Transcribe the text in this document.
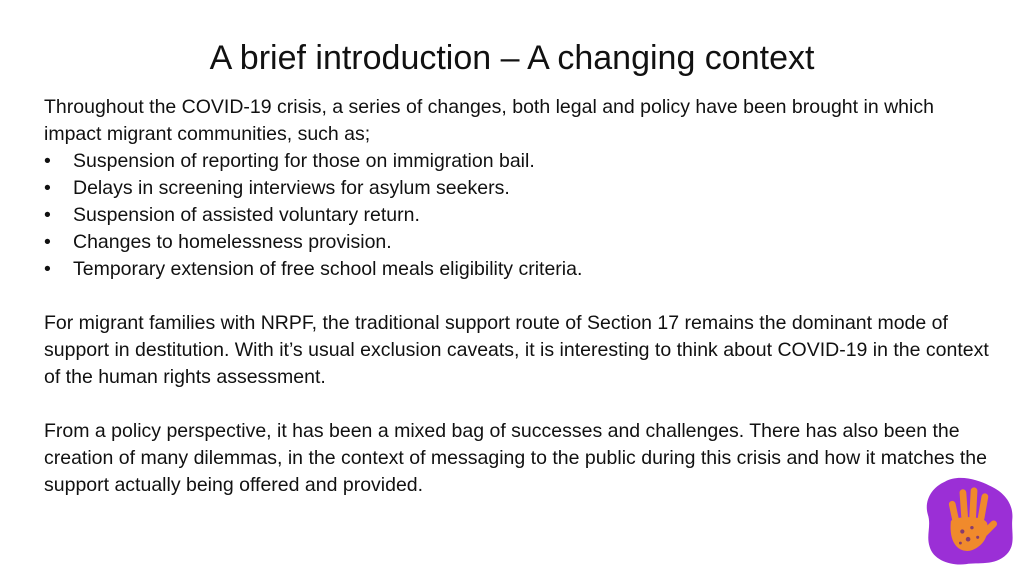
A brief introduction – A changing context

Throughout the COVID-19 crisis, a series of changes, both legal and policy have been brought in which impact migrant communities, such as;

• Suspension of reporting for those on immigration bail.
• Delays in screening interviews for asylum seekers.
• Suspension of assisted voluntary return.
• Changes to homelessness provision.
• Temporary extension of free school meals eligibility criteria.

For migrant families with NRPF, the traditional support route of Section 17 remains the dominant mode of support in destitution. With it’s usual exclusion caveats, it is interesting to think about COVID-19 in the context of the human rights assessment.

From a policy perspective, it has been a mixed bag of successes and challenges. There has also been the creation of many dilemmas, in the context of messaging to the public during this crisis and how it matches the support actually being offered and provided.
